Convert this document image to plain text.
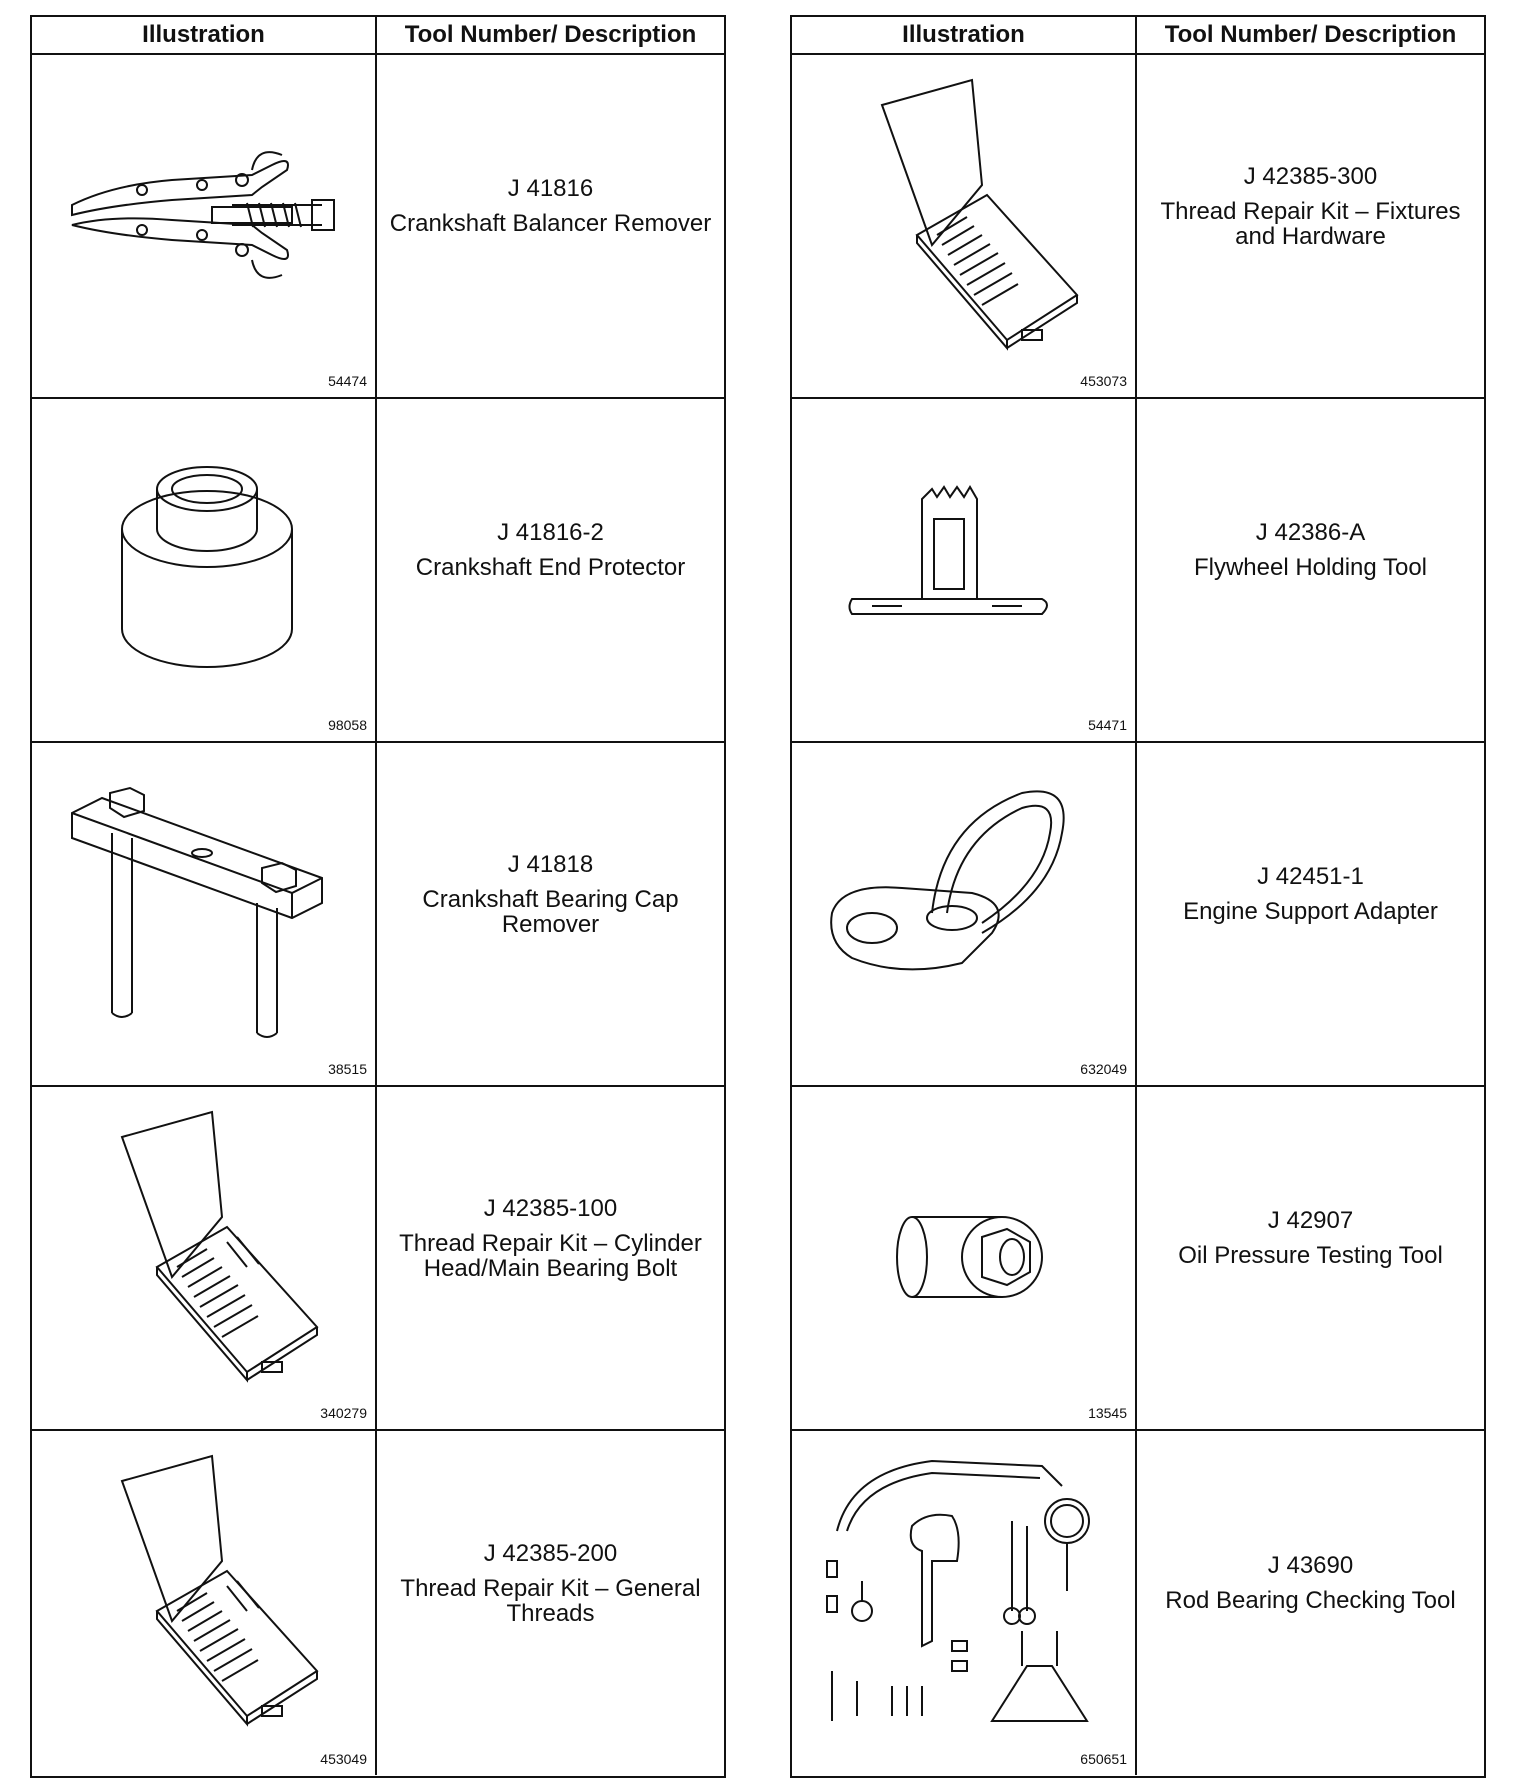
Illustration	Tool Number/ Description
54474
J 41816
Crankshaft Balancer Remover
98058
J 41816-2
Crankshaft End Protector
38515
J 41818
Crankshaft Bearing Cap Remover
340279
J 42385-100
Thread Repair Kit – Cylinder Head/Main Bearing Bolt
453049
J 42385-200
Thread Repair Kit – General Threads
Illustration	Tool Number/ Description
453073
J 42385-300
Thread Repair Kit – Fixtures and Hardware
54471
J 42386-A
Flywheel Holding Tool
632049
J 42451-1
Engine Support Adapter
13545
J 42907
Oil Pressure Testing Tool
650651
J 43690
Rod Bearing Checking Tool
